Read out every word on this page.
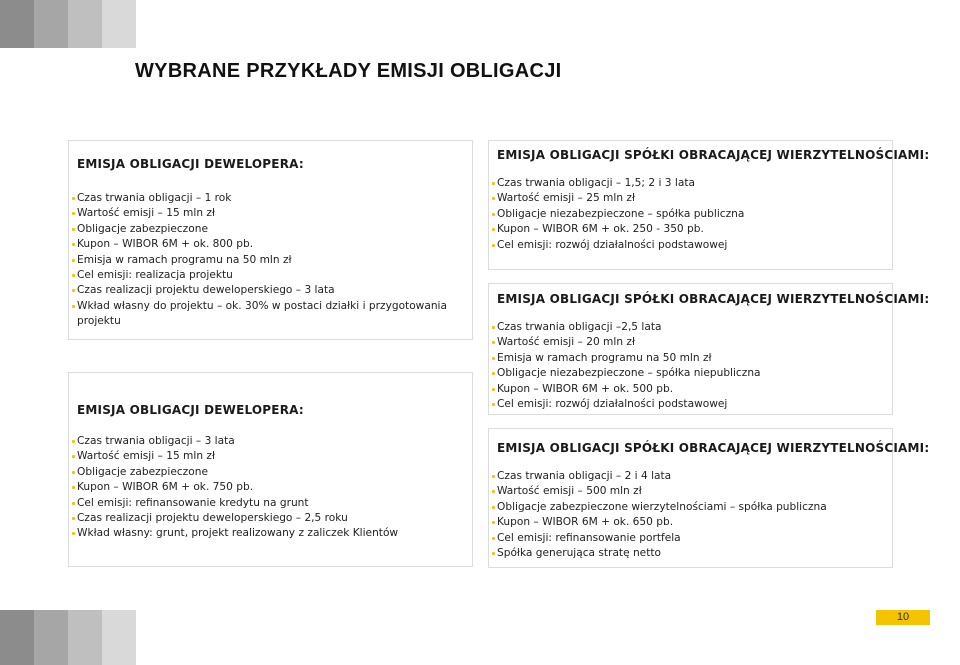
WYBRANE PRZYKŁADY EMISJI OBLIGACJI
EMISJA OBLIGACJI DEWELOPERA:
Czas trwania obligacji – 1 rok
Wartość emisji – 15 mln zł
Obligacje zabezpieczone
Kupon – WIBOR 6M + ok. 800 pb.
Emisja w ramach programu na 50 mln zł
Cel emisji: realizacja projektu
Czas realizacji projektu deweloperskiego – 3 lata
Wkład własny do projektu – ok. 30% w postaci działki i przygotowania projektu
EMISJA OBLIGACJI DEWELOPERA:
Czas trwania obligacji – 3 lata
Wartość emisji – 15 mln zł
Obligacje zabezpieczone
Kupon – WIBOR 6M + ok. 750 pb.
Cel emisji: refinansowanie kredytu na grunt
Czas realizacji projektu deweloperskiego – 2,5 roku
Wkład własny: grunt, projekt realizowany z zaliczek Klientów
EMISJA OBLIGACJI SPÓŁKI OBRACAJĄCEJ WIERZYTELNOŚCIAMI:
Czas trwania obligacji – 1,5; 2 i 3 lata
Wartość emisji – 25 mln zł
Obligacje niezabezpieczone – spółka publiczna
Kupon – WIBOR 6M + ok. 250 - 350 pb.
Cel emisji: rozwój działalności podstawowej
EMISJA OBLIGACJI SPÓŁKI OBRACAJĄCEJ WIERZYTELNOŚCIAMI:
Czas trwania obligacji –2,5 lata
Wartość emisji – 20 mln zł
Emisja w ramach programu na 50 mln zł
Obligacje niezabezpieczone – spółka niepubliczna
Kupon – WIBOR 6M + ok. 500 pb.
Cel emisji: rozwój działalności podstawowej
EMISJA OBLIGACJI SPÓŁKI OBRACAJĄCEJ WIERZYTELNOŚCIAMI:
Czas trwania obligacji – 2 i 4 lata
Wartość emisji – 500 mln zł
Obligacje zabezpieczone wierzytelnościami – spółka publiczna
Kupon – WIBOR 6M + ok. 650 pb.
Cel emisji: refinansowanie portfela
Spółka generująca stratę netto
10
